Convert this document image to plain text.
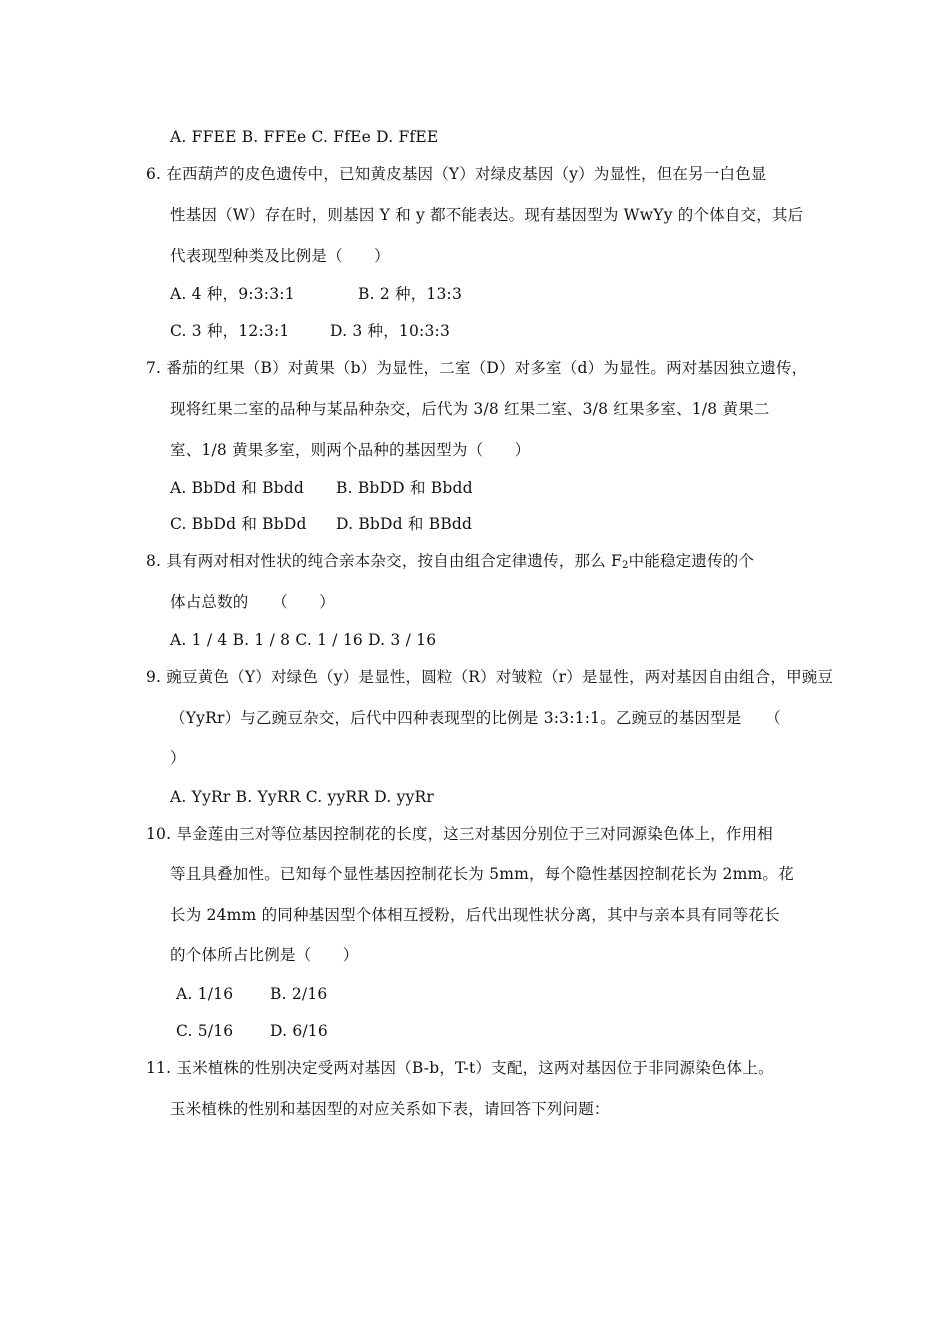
A. FFEE B. FFEe C. FfEe D. FfEE
6. 在西葫芦的皮色遗传中，已知黄皮基因（Y）对绿皮基因（y）为显性，但在另一白色显
性基因（W）存在时，则基因 Y 和 y 都不能表达。现有基因型为 WwYy 的个体自交，其后
代表现型种类及比例是（　　）
A. 4 种，9:3:3:1	B. 2 种，13:3
C. 3 种，12:3:1	D. 3 种，10:3:3
7. 番茄的红果（B）对黄果（b）为显性，二室（D）对多室（d）为显性。两对基因独立遗传，
现将红果二室的品种与某品种杂交，后代为 3/8 红果二室、3/8 红果多室、1/8 黄果二
室、1/8 黄果多室，则两个品种的基因型为（　　）
A. BbDd 和 Bbdd B. BbDD 和 Bbdd
C. BbDd 和 BbDd D. BbDd 和 BBdd
8. 具有两对相对性状的纯合亲本杂交，按自由组合定律遗传，那么 $F_2$中能稳定遗传的个
体占总数的　　（　　）
A. 1 / 4 B. 1 / 8 C. 1 / 16 D. 3 / 16
9. 豌豆黄色（Y）对绿色（y）是显性，圆粒（R）对皱粒（r）是显性，两对基因自由组合，甲豌豆
（YyRr）与乙豌豆杂交，后代中四种表现型的比例是 3:3:1:1。乙豌豆的基因型是　　（
）
A. YyRr B. YyRR C. yyRR D. yyRr
10. 旱金莲由三对等位基因控制花的长度，这三对基因分别位于三对同源染色体上，作用相
等且具叠加性。已知每个显性基因控制花长为 5mm，每个隐性基因控制花长为 2mm。花
长为 24mm 的同种基因型个体相互授粉，后代出现性状分离，其中与亲本具有同等花长
的个体所占比例是（　　）
A. 1/16 B. 2/16
C. 5/16 D. 6/16
11. 玉米植株的性别决定受两对基因（B-b，T-t）支配，这两对基因位于非同源染色体上。
玉米植株的性别和基因型的对应关系如下表，请回答下列问题：
